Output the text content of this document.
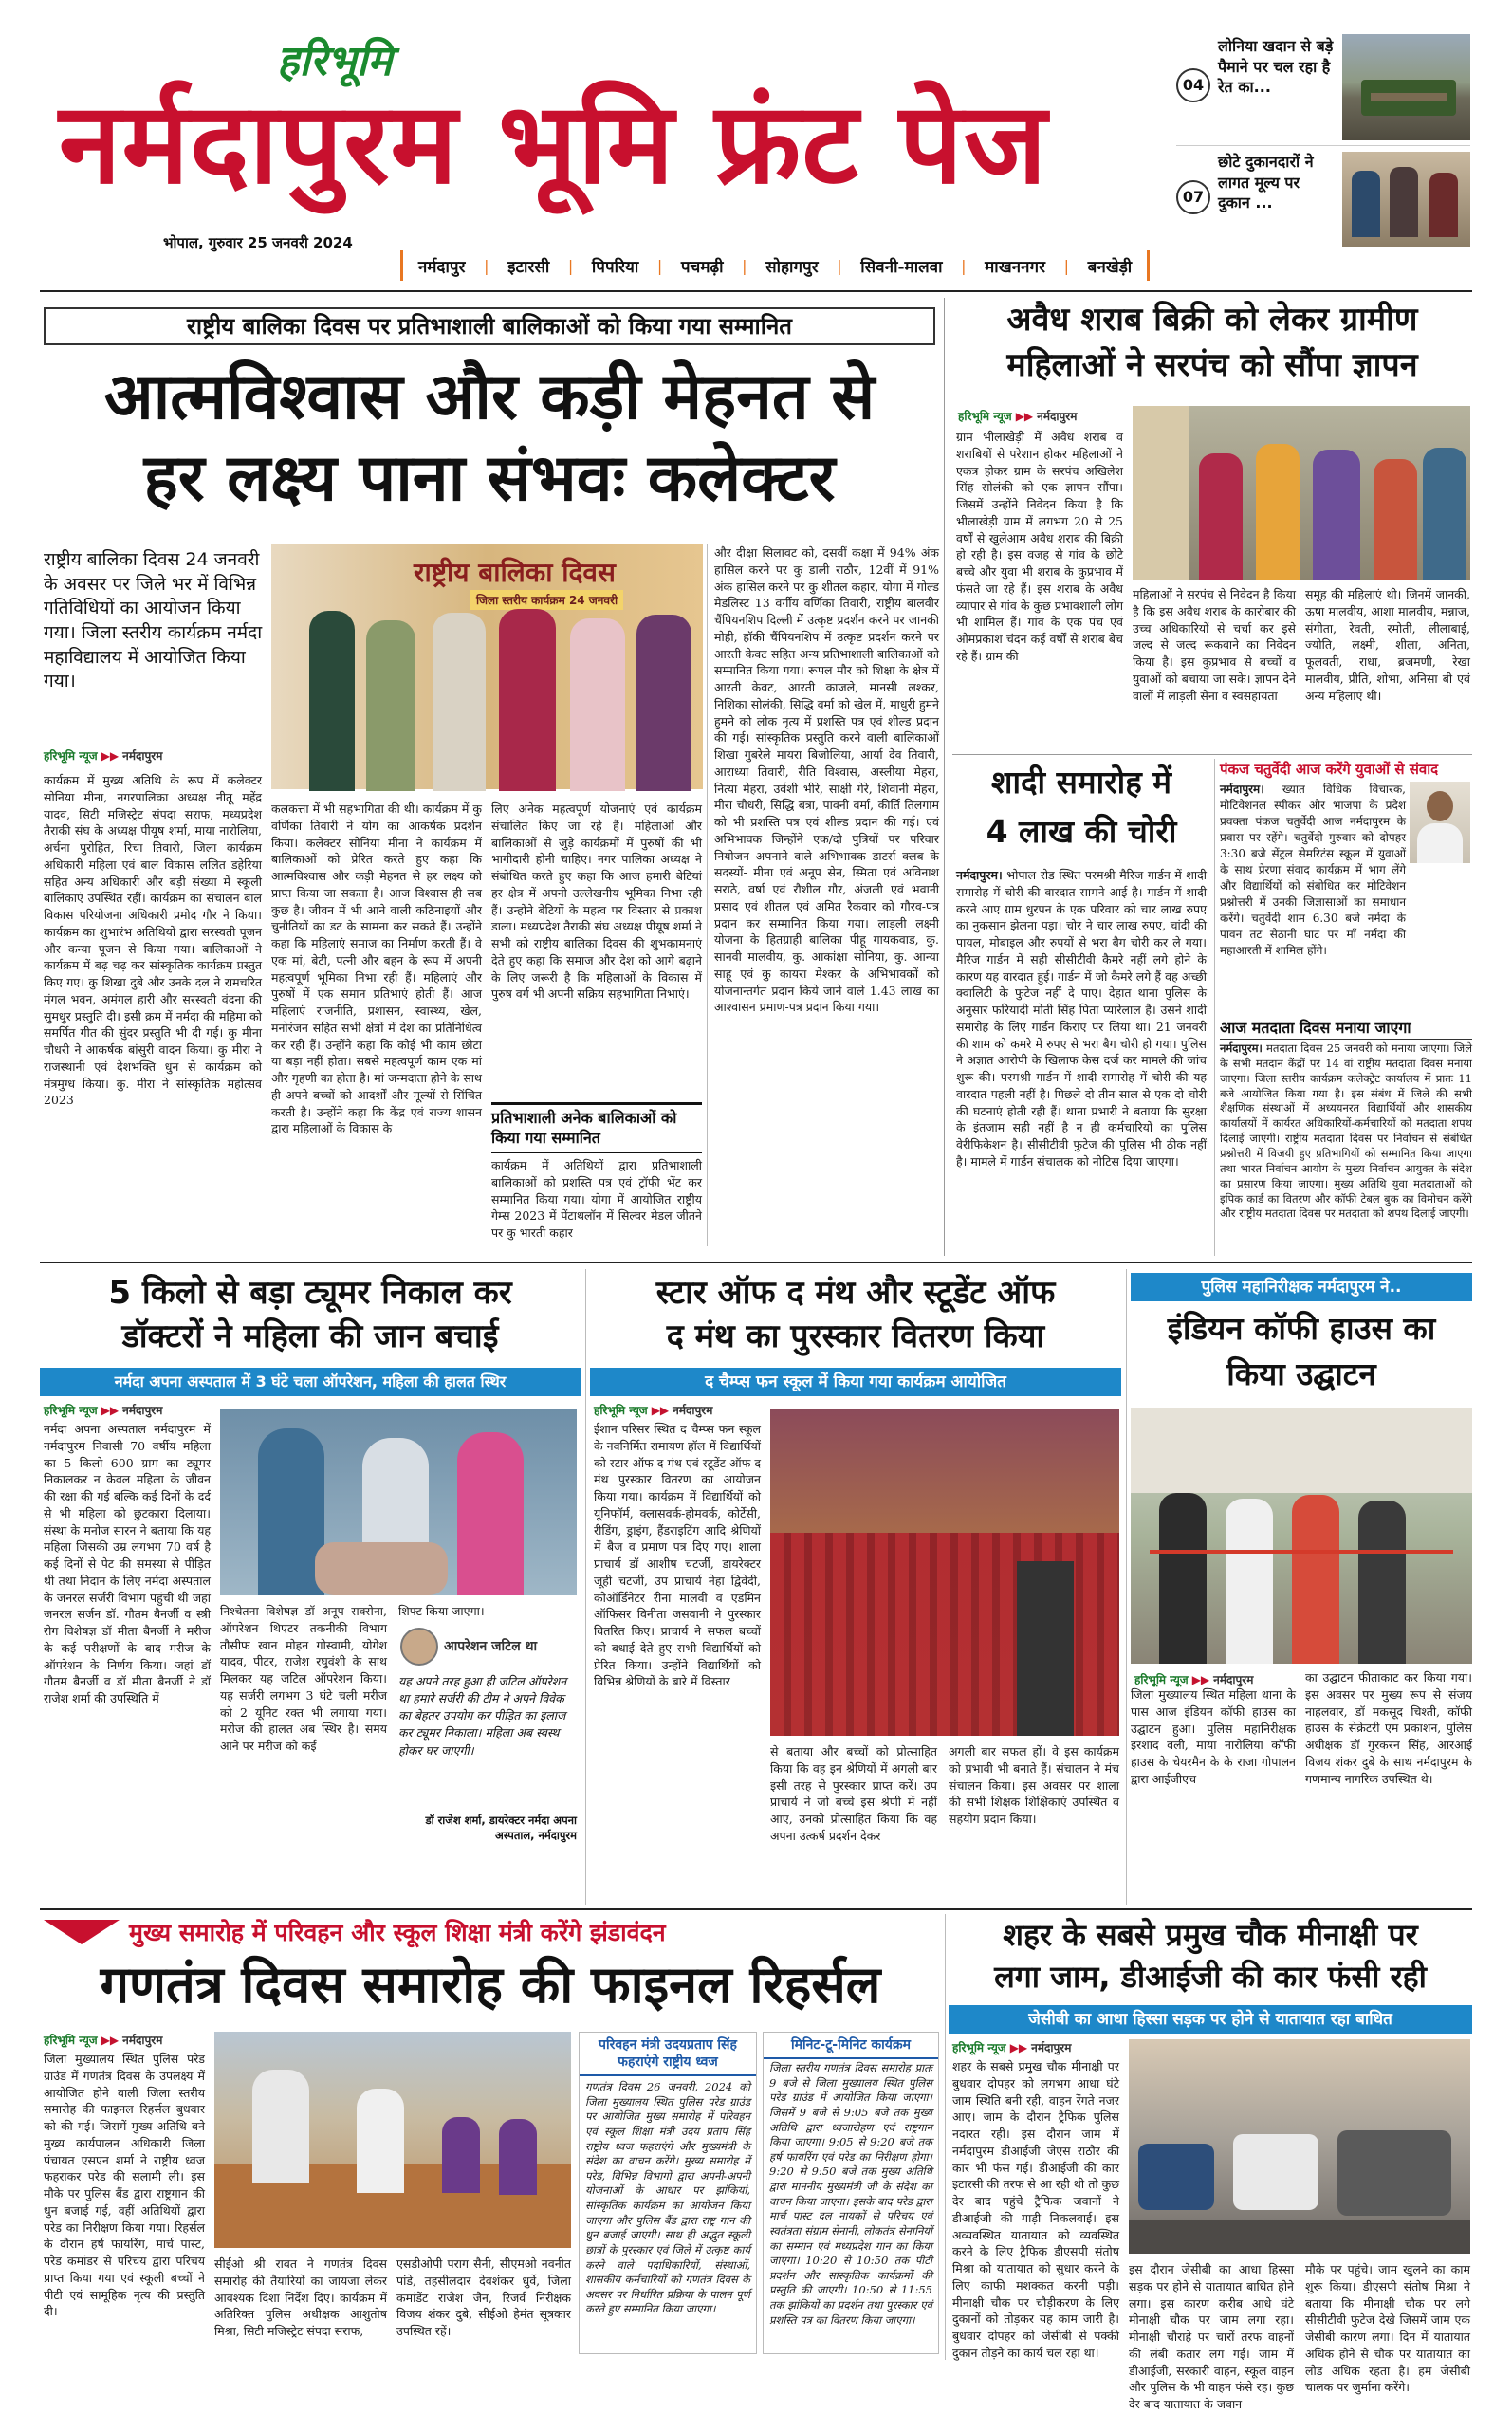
हरिभूमि
नर्मदापुरम भूमि फ्रंट पेज
भोपाल, गुरुवार 25 जनवरी 2024
नर्मदापुर | इटारसी | पिपरिया | पचमढ़ी | सोहागपुर | सिवनी-मालवा | माखननगर | बनखेड़ी
04
लोनिया खदान से बड़े पैमाने पर चल रहा है रेत का...
07
छोटे दुकानदारों ने लागत मूल्य पर दुकान ...
राष्ट्रीय बालिका दिवस पर प्रतिभाशाली बालिकाओं को किया गया सम्मानित
आत्मविश्वास और कड़ी मेहनत से
हर लक्ष्य पाना संभवः कलेक्टर
राष्ट्रीय बालिका दिवस 24 जनवरी के अवसर पर जिले भर में विभिन्न गतिविधियों का आयोजन किया गया। जिला स्तरीय कार्यक्रम नर्मदा महाविद्यालय में आयोजित किया गया।
हरिभूमि न्यूज ▶▶ नर्मदापुरम
राष्ट्रीय बालिका दिवस
जिला स्तरीय कार्यक्रम 24 जनवरी
और दीक्षा सिलावट को, दसवीं कक्षा में 94% अंक हासिल करने पर कु डाली राठौर, 12वीं में 91% अंक हासिल करने पर कु शीतल कहार, योगा में गोल्ड मेडलिस्ट 13 वर्गीय वर्णिका तिवारी, राष्ट्रीय बालवीर चैंपियनशिप दिल्ली में उत्कृष्ट प्रदर्शन करने पर जानकी मोही, हॉकी चैंपियनशिप में उत्कृष्ट प्रदर्शन करने पर आरती केवट सहित अन्य प्रतिभाशाली बालिकाओं को सम्मानित किया गया। रूपल मौर को शिक्षा के क्षेत्र में आरती केवट, आरती काजले, मानसी लश्कर, निशिका सोलंकी, सिद्धि वर्मा को खेल में, माधुरी हुमने हुमने को लोक नृत्य में प्रशस्ति पत्र एवं शील्ड प्रदान की गई। सांस्कृतिक प्रस्तुति करने वाली बालिकाओं शिखा गुबरेले मायरा बिजोलिया, आर्या देव तिवारी, आराध्या तिवारी, रीति विश्वास, अस्लीया मेहरा, नित्या मेहरा, उर्वशी भीरे, साक्षी गेरे, शिवानी मेहरा, मीरा चौधरी, सिद्धि बत्रा, पावनी वर्मा, कीर्ति तिलगाम को भी प्रशस्ति पत्र एवं शील्ड प्रदान की गई। एवं अभिभावक जिन्होंने एक/दो पुत्रियों पर परिवार नियोजन अपनाने वाले अभिभावक डाटर्स क्लब के सदस्यों- मीना एवं अनूप सेन, स्मिता एवं अविनाश सराठे, वर्षा एवं रौशील गौर, अंजली एवं भवानी प्रसाद एवं शीतल एवं अमित रैकवार को गौरव-पत्र प्रदान कर सम्मानित किया गया। लाड़ली लक्ष्मी योजना के हितग्राही बालिका पीहू गायकवाड, कु. सानवी मालवीय, कु. आकांक्षा सोनिया, कु. आन्या साहू एवं कु कायरा मेश्कर के अभिभावकों को योजनान्तर्गत प्रदान किये जाने वाले 1.43 लाख का आश्वासन प्रमाण-पत्र प्रदान किया गया।
कार्यक्रम में मुख्य अतिथि के रूप में कलेक्टर सोनिया मीना, नगरपालिका अध्यक्ष नीतू महेंद्र यादव, सिटी मजिस्ट्रेट संपदा सराफ, मध्यप्रदेश तैराकी संघ के अध्यक्ष पीयूष शर्मा, माया नारोलिया, अर्चना पुरोहित, रिचा तिवारी, जिला कार्यक्रम अधिकारी महिला एवं बाल विकास ललित डहेरिया सहित अन्य अधिकारी और बड़ी संख्या में स्कूली बालिकाएं उपस्थित रहीं। कार्यक्रम का संचालन बाल विकास परियोजना अधिकारी प्रमोद गौर ने किया। कार्यक्रम का शुभारंभ अतिथियों द्वारा सरस्वती पूजन और कन्या पूजन से किया गया। बालिकाओं ने कार्यक्रम में बढ़ चढ़ कर सांस्कृतिक कार्यक्रम प्रस्तुत किए गए। कु शिखा दुबे और उनके दल ने रामचरित मंगल भवन, अमंगल हारी और सरस्वती वंदना की सुमधुर प्रस्तुति दी। इसी क्रम में नर्मदा की महिमा को समर्पित गीत की सुंदर प्रस्तुति भी दी गई। कु मीना चौधरी ने आकर्षक बांसुरी वादन किया। कु मीरा ने राजस्थानी एवं देशभक्ति धुन से कार्यक्रम को मंत्रमुग्ध किया। कु. मीरा ने सांस्कृतिक महोत्सव 2023
कलकत्ता में भी सहभागिता की थी। कार्यक्रम में कु वर्णिका तिवारी ने योग का आकर्षक प्रदर्शन किया। कलेक्टर सोनिया मीना ने कार्यक्रम में बालिकाओं को प्रेरित करते हुए कहा कि आत्मविश्वास और कड़ी मेहनत से हर लक्ष्य को प्राप्त किया जा सकता है। आज विश्वास ही सब कुछ है। जीवन में भी आने वाली कठिनाइयों और चुनौतियों का डट के सामना कर सकते हैं। उन्होंने कहा कि महिलाएं समाज का निर्माण करती हैं। वे एक मां, बेटी, पत्नी और बहन के रूप में अपनी महत्वपूर्ण भूमिका निभा रही हैं। महिलाएं और पुरुषों में एक समान प्रतिभाएं होती हैं। आज महिलाएं राजनीति, प्रशासन, स्वास्थ्य, खेल, मनोरंजन सहित सभी क्षेत्रों में देश का प्रतिनिधित्व कर रही हैं। उन्होंने कहा कि कोई भी काम छोटा या बड़ा नहीं होता। सबसे महत्वपूर्ण काम एक मां और गृहणी का होता है। मां जन्मदाता होने के साथ ही अपने बच्चों को आदर्शों और मूल्यों से सिंचित करती है। उन्होंने कहा कि केंद्र एवं राज्य शासन द्वारा महिलाओं के विकास के
लिए अनेक महत्वपूर्ण योजनाएं एवं कार्यक्रम संचालित किए जा रहे हैं। महिलाओं और बालिकाओं से जुड़े कार्यक्रमों में पुरुषों की भी भागीदारी होनी चाहिए। नगर पालिका अध्यक्ष ने संबोधित करते हुए कहा कि आज हमारी बेटियां हर क्षेत्र में अपनी उल्लेखनीय भूमिका निभा रही हैं। उन्होंने बेटियों के महत्व पर विस्तार से प्रकाश डाला। मध्यप्रदेश तैराकी संघ अध्यक्ष पीयूष शर्मा ने सभी को राष्ट्रीय बालिका दिवस की शुभकामनाएं देते हुए कहा कि समाज और देश को आगे बढ़ाने के लिए जरूरी है कि महिलाओं के विकास में पुरुष वर्ग भी अपनी सक्रिय सहभागिता निभाएं।
प्रतिभाशाली अनेक बालिकाओं को किया गया सम्मानित
कार्यक्रम में अतिथियों द्वारा प्रतिभाशाली बालिकाओं को प्रशस्ति पत्र एवं ट्रॉफी भेंट कर सम्मानित किया गया। योगा में आयोजित राष्ट्रीय गेम्स 2023 में पेंटाथलॉन में सिल्वर मेडल जीतने पर कु भारती कहार
अवैध शराब बिक्री को लेकर ग्रामीण
महिलाओं ने सरपंच को सौंपा ज्ञापन
हरिभूमि न्यूज ▶▶ नर्मदापुरम
ग्राम भीलाखेड़ी में अवैध शराब व शराबियों से परेशान होकर महिलाओं ने एकत्र होकर ग्राम के सरपंच अखिलेश सिंह सोलंकी को एक ज्ञापन सौंपा। जिसमें उन्होंने निवेदन किया है कि भीलाखेड़ी ग्राम में लगभग 20 से 25 वर्षों से खुलेआम अवैध शराब की बिक्री हो रही है। इस वजह से गांव के छोटे बच्चे और युवा भी शराब के कुप्रभाव में फंसते जा रहे हैं। इस शराब के अवैध व्यापार से गांव के कुछ प्रभावशाली लोग भी शामिल हैं। गांव के एक पंच एवं ओमप्रकाश चंदन कई वर्षों से शराब बेच रहे हैं। ग्राम की
महिलाओं ने सरपंच से निवेदन है किया है कि इस अवैध शराब के कारोबार की उच्च अधिकारियों से चर्चा कर इसे जल्द से जल्द रूकवाने का निवेदन किया है। इस कुप्रभाव से बच्चों व युवाओं को बचाया जा सके। ज्ञापन देने वालों में लाड़ली सेना व स्वसहायता
समूह की महिलाएं थी। जिनमें जानकी, ऊषा मालवीय, आशा मालवीय, मन्नाज, संगीता, रेवती, रमोती, लीलाबाई, ज्योति, लक्ष्मी, शीला, अनिता, फूलवती, राधा, ब्रजमणी, रेखा मालवीय, प्रीति, शोभा, अनिसा बी एवं अन्य महिलाएं थी।
शादी समारोह में
4 लाख की चोरी
नर्मदापुरम। भोपाल रोड स्थित परमश्री मैरिज गार्डन में शादी समारोह में चोरी की वारदात सामने आई है। गार्डन में शादी करने आए ग्राम धुरपन के एक परिवार को चार लाख रुपए का नुकसान झेलना पड़ा। चोर ने चार लाख रुपए, चांदी की पायल, मोबाइल और रुपयों से भरा बैग चोरी कर ले गया। मैरिज गार्डन में सही सीसीटीवी कैमरे नहीं लगे होने के कारण यह वारदात हुई। गार्डन में जो कैमरे लगे हैं वह अच्छी क्वालिटी के फुटेज नहीं दे पाए। देहात थाना पुलिस के अनुसार फरियादी मोती सिंह पिता प्यारेलाल है। उसने शादी समारोह के लिए गार्डन किराए पर लिया था। 21 जनवरी की शाम को कमरे में रुपए से भरा बैग चोरी हो गया। पुलिस ने अज्ञात आरोपी के खिलाफ केस दर्ज कर मामले की जांच शुरू की। परमश्री गार्डन में शादी समारोह में चोरी की यह वारदात पहली नहीं है। पिछले दो तीन साल से एक दो चोरी की घटनाएं होती रही हैं। थाना प्रभारी ने बताया कि सुरक्षा के इंतजाम सही नहीं है न ही कर्मचारियों का पुलिस वेरीफिकेशन है। सीसीटीवी फुटेज की पुलिस भी ठीक नहीं है। मामले में गार्डन संचालक को नोटिस दिया जाएगा।
पंकज चतुर्वेदी आज करेंगे युवाओं से संवाद
नर्मदापुरम। ख्यात विधिक विचारक, मोटिवेशनल स्पीकर और भाजपा के प्रदेश प्रवक्ता पंकज चतुर्वेदी आज नर्मदापुरम के प्रवास पर रहेंगे। चतुर्वेदी गुरुवार को दोपहर 3:30 बजे सेंट्रल सेमरिटंस स्कूल में युवाओं के साथ प्रेरणा संवाद कार्यक्रम में भाग लेंगे और विद्यार्थियों को संबोधित कर मोटिवेशन प्रश्नोत्तरी में उनकी जिज्ञासाओं का समाधान करेंगे। चतुर्वेदी शाम 6.30 बजे नर्मदा के पावन तट सेठानी घाट पर माँ नर्मदा की महाआरती में शामिल होंगे।
आज मतदाता दिवस मनाया जाएगा
नर्मदापुरम। मतदाता दिवस 25 जनवरी को मनाया जाएगा। जिले के सभी मतदान केंद्रों पर 14 वां राष्ट्रीय मतदाता दिवस मनाया जाएगा। जिला स्तरीय कार्यक्रम कलेक्ट्रेट कार्यालय में प्रातः 11 बजे आयोजित किया गया है। इस संबंध में जिले की सभी शैक्षणिक संस्थाओं में अध्ययनरत विद्यार्थियों और शासकीय कार्यालयों में कार्यरत अधिकारियों-कर्मचारियों को मतदाता शपथ दिलाई जाएगी। राष्ट्रीय मतदाता दिवस पर निर्वाचन से संबंधित प्रश्नोत्तरी में विजयी हुए प्रतिभागियों को सम्मानित किया जाएगा तथा भारत निर्वाचन आयोग के मुख्य निर्वाचन आयुक्त के संदेश का प्रसारण किया जाएगा। मुख्य अतिथि युवा मतदाताओं को इपिक कार्ड का वितरण और कॉफी टेबल बुक का विमोचन करेंगे और राष्ट्रीय मतदाता दिवस पर मतदाता को शपथ दिलाई जाएगी।
5 किलो से बड़ा ट्यूमर निकाल कर
डॉक्टरों ने महिला की जान बचाई
नर्मदा अपना अस्पताल में 3 घंटे चला ऑपरेशन, महिला की हालत स्थिर
हरिभूमि न्यूज ▶▶ नर्मदापुरम
नर्मदा अपना अस्पताल नर्मदापुरम में नर्मदापुरम निवासी 70 वर्षीय महिला का 5 किलो 600 ग्राम का ट्यूमर निकालकर न केवल महिला के जीवन की रक्षा की गई बल्कि कई दिनों के दर्द से भी महिला को छुटकारा दिलाया। संस्था के मनोज सारन ने बताया कि यह महिला जिसकी उम्र लगभग 70 वर्ष है कई दिनों से पेट की समस्या से पीड़ित थी तथा निदान के लिए नर्मदा अस्पताल के जनरल सर्जरी विभाग पहुंची थी जहां जनरल सर्जन डॉ. गौतम बैनर्जी व स्त्री रोग विशेषज्ञ डॉ मीता बैनर्जी ने मरीज के कई परीक्षणों के बाद मरीज के ऑपरेशन के निर्णय किया। जहां डॉ गौतम बैनर्जी व डॉ मीता बैनर्जी ने डॉ राजेश शर्मा की उपस्थिति में
निश्चेतना विशेषज्ञ डॉ अनूप सक्सेना, ऑपरेशन थिएटर तकनीकी विभाग तौसीफ खान मोहन गोस्वामी, योगेश यादव, पीटर, राजेश रघुवंशी के साथ मिलकर यह जटिल ऑपरेशन किया। यह सर्जरी लगभग 3 घंटे चली मरीज को 2 यूनिट रक्त भी लगाया गया। मरीज की हालत अब स्थिर है। समय आने पर मरीज को कई
शिफ्ट किया जाएगा।
आपरेशन जटिल था
यह अपने तरह हुआ ही जटिल ऑपरेशन था हमारे सर्जरी की टीम ने अपने विवेक का बेहतर उपयोग कर पीड़ित का इलाज कर ट्यूमर निकाला। महिला अब स्वस्थ होकर घर जाएगी।
डॉ राजेश शर्मा, डायरेक्टर नर्मदा अपना अस्पताल, नर्मदापुरम
स्टार ऑफ द मंथ और स्टूडेंट ऑफ
द मंथ का पुरस्कार वितरण किया
द चैम्प्स फन स्कूल में किया गया कार्यक्रम आयोजित
हरिभूमि न्यूज ▶▶ नर्मदापुरम
ईशान परिसर स्थित द चैम्प्स फन स्कूल के नवनिर्मित रामायण हॉल में विद्यार्थियों को स्टार ऑफ द मंथ एवं स्टूडेंट ऑफ द मंथ पुरस्कार वितरण का आयोजन किया गया। कार्यक्रम में विद्यार्थियों को यूनिफॉर्म, क्लासवर्क-होमवर्क, कोर्टेसी, रीडिंग, ड्राइंग, हैंडराइटिंग आदि श्रेणियों में बैज व प्रमाण पत्र दिए गए। शाला प्राचार्य डॉ आशीष चटर्जी, डायरेक्टर जूही चटर्जी, उप प्राचार्य नेहा द्विवेदी, कोऑर्डिनेटर रीना मालवी व एडमिन ऑफिसर विनीता जसवानी ने पुरस्कार वितरित किए। प्राचार्य ने सफल बच्चों को बधाई देते हुए सभी विद्यार्थियों को प्रेरित किया। उन्होंने विद्यार्थियों को विभिन्न श्रेणियों के बारे में विस्तार
से बताया और बच्चों को प्रोत्साहित किया कि वह इन श्रेणियों में अगली बार इसी तरह से पुरस्कार प्राप्त करें। उप प्राचार्य ने जो बच्चे इस श्रेणी में नहीं आए, उनको प्रोत्साहित किया कि वह अपना उत्कर्ष प्रदर्शन देकर
अगली बार सफल हों। वे इस कार्यक्रम को प्रभावी भी बनाते हैं। संचालन ने मंच संचालन किया। इस अवसर पर शाला की सभी शिक्षक शिक्षिकाएं उपस्थित व सहयोग प्रदान किया।
पुलिस महानिरीक्षक नर्मदापुरम ने..
इंडियन कॉफी हाउस का
किया उद्घाटन
हरिभूमि न्यूज ▶▶ नर्मदापुरम
जिला मुख्यालय स्थित महिला थाना के पास आज इंडियन कॉफी हाउस का उद्घाटन हुआ। पुलिस महानिरीक्षक इरशाद वली, माया नारोलिया कॉफी हाउस के चेयरमैन के के राजा गोपालन द्वारा आईजीएच
का उद्घाटन फीताकाट कर किया गया। इस अवसर पर मुख्य रूप से संजय नाहलवार, डॉ मकसूद चिश्ती, कॉफी हाउस के सेक्रेटरी एम प्रकाशन, पुलिस अधीक्षक डॉ गुरकरन सिंह, आरआई विजय शंकर दुबे के साथ नर्मदापुरम के गणमान्य नागरिक उपस्थित थे।
मुख्य समारोह में परिवहन और स्कूल शिक्षा मंत्री करेंगे झंडावंदन
गणतंत्र दिवस समारोह की फाइनल रिहर्सल
हरिभूमि न्यूज ▶▶ नर्मदापुरम
जिला मुख्यालय स्थित पुलिस परेड ग्राउंड में गणतंत्र दिवस के उपलक्ष्य में आयोजित होने वाली जिला स्तरीय समारोह की फाइनल रिहर्सल बुधवार को की गई। जिसमें मुख्य अतिथि बने मुख्य कार्यपालन अधिकारी जिला पंचायत एसएन शर्मा ने राष्ट्रीय ध्वज फहराकर परेड की सलामी ली। इस मौके पर पुलिस बैंड द्वारा राष्ट्रगान की धुन बजाई गई, वहीं अतिथियों द्वारा परेड का निरीक्षण किया गया। रिहर्सल के दौरान हर्ष फायरिंग, मार्च पास्ट, परेड कमांडर से परिचय द्वारा परिचय प्राप्त किया गया एवं स्कूली बच्चों ने पीटी एवं सामूहिक नृत्य की प्रस्तुति दी।
सीईओ श्री रावत ने गणतंत्र दिवस समारोह की तैयारियों का जायजा लेकर आवश्यक दिशा निर्देश दिए। कार्यक्रम में अतिरिक्त पुलिस अधीक्षक आशुतोष मिश्रा, सिटी मजिस्ट्रेट संपदा सराफ,
एसडीओपी पराग सैनी, सीएमओ नवनीत पांडे, तहसीलदार देवशंकर धुर्वे, जिला कमांडेंट राजेश जैन, रिजर्व निरीक्षक विजय शंकर दुबे, सीईओ हेमंत सूत्रकार उपस्थित रहें।
परिवहन मंत्री उदयप्रताप सिंह फहराएंगे राष्ट्रीय ध्वज
गणतंत्र दिवस 26 जनवरी, 2024 को जिला मुख्यालय स्थित पुलिस परेड ग्राउंड पर आयोजित मुख्य समारोह में परिवहन एवं स्कूल शिक्षा मंत्री उदय प्रताप सिंह राष्ट्रीय ध्वज फहराएंगे और मुख्यमंत्री के संदेश का वाचन करेंगे। मुख्य समारोह में परेड, विभिन्न विभागों द्वारा अपनी-अपनी योजनाओं के आधार पर झांकियां, सांस्कृतिक कार्यक्रम का आयोजन किया जाएगा और पुलिस बैंड द्वारा राष्ट्र गान की धुन बजाई जाएगी। साथ ही अद्भुत स्कूली छात्रों के पुरस्कार एवं जिले में उत्कृष्ट कार्य करने वाले पदाधिकारियों, संस्थाओं, शासकीय कर्मचारियों को गणतंत्र दिवस के अवसर पर निर्धारित प्रक्रिया के पालन पूर्ण करते हुए सम्मानित किया जाएगा।
मिनिट-टू-मिनिट कार्यक्रम
जिला स्तरीय गणतंत्र दिवस समारोह प्रातः 9 बजे से जिला मुख्यालय स्थित पुलिस परेड ग्राउंड में आयोजित किया जाएगा। जिसमें 9 बजे से 9:05 बजे तक मुख्य अतिथि द्वारा ध्वजारोहण एवं राष्ट्रगान किया जाएगा। 9:05 से 9:20 बजे तक हर्ष फायरिंग एवं परेड का निरीक्षण होगा। 9:20 से 9:50 बजे तक मुख्य अतिथि द्वारा माननीय मुख्यमंत्री जी के संदेश का वाचन किया जाएगा। इसके बाद परेड द्वारा मार्च पास्ट दल नायकों से परिचय एवं स्वतंत्रता संग्राम सेनानी, लोकतंत्र सेनानियों का सम्मान एवं मध्यप्रदेश गान का किया जाएगा। 10:20 से 10:50 तक पीटी प्रदर्शन और सांस्कृतिक कार्यक्रमों की प्रस्तुति की जाएगी। 10:50 से 11:55 तक झांकियों का प्रदर्शन तथा पुरस्कार एवं प्रशस्ति पत्र का वितरण किया जाएगा।
शहर के सबसे प्रमुख चौक मीनाक्षी पर
लगा जाम, डीआईजी की कार फंसी रही
जेसीबी का आधा हिस्सा सड़क पर होने से यातायात रहा बाधित
हरिभूमि न्यूज ▶▶ नर्मदापुरम
शहर के सबसे प्रमुख चौक मीनाक्षी पर बुधवार दोपहर को लगभग आधा घंटे जाम स्थिति बनी रही, वाहन रेंगते नजर आए। जाम के दौरान ट्रैफिक पुलिस नदारत रही। इस दौरान जाम में नर्मदापुरम डीआईजी जेएस राठौर की कार भी फंस गई। डीआईजी की कार इटारसी की तरफ से आ रही थी तो कुछ देर बाद पहुंचे ट्रैफिक जवानों ने डीआईजी की गाड़ी निकलवाई। इस अव्यवस्थित यातायात को व्यवस्थित करने के लिए ट्रैफिक डीएसपी संतोष मिश्रा को यातायात को सुधार करने के लिए काफी मशक्कत करनी पड़ी। मीनाक्षी चौक पर चौड़ीकरण के लिए दुकानों को तोड़कर यह काम जारी है। बुधवार दोपहर को जेसीबी से पक्की दुकान तोड़ने का कार्य चल रहा था।
इस दौरान जेसीबी का आधा हिस्सा सड़क पर होने से यातायात बाधित होने लगा। इस कारण करीब आधे घंटे मीनाक्षी चौक पर जाम लगा रहा। मीनाक्षी चौराहे पर चारों तरफ वाहनों की लंबी कतार लग गई। जाम में डीआईजी, सरकारी वाहन, स्कूल वाहन और पुलिस के भी वाहन फंसे रह। कुछ देर बाद यातायात के जवान
मौके पर पहुंचे। जाम खुलने का काम शुरू किया। डीएसपी संतोष मिश्रा ने बताया कि मीनाक्षी चौक पर लगे सीसीटीवी फुटेज देखे जिसमें जाम एक जेसीबी कारण लगा। दिन में यातायात अधिक होने से चौक पर यातायात का लोड अधिक रहता है। हम जेसीबी चालक पर जुर्माना करेंगे।
